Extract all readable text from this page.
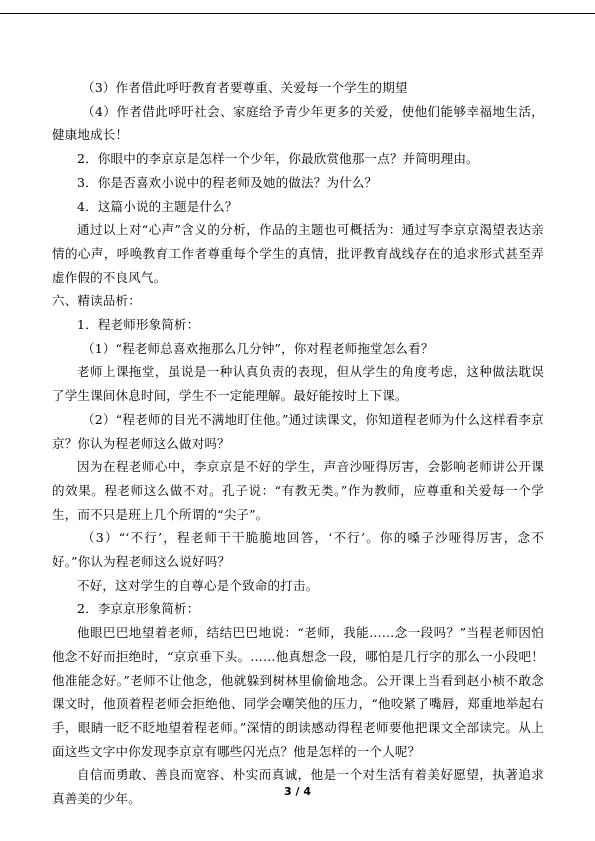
（3）作者借此呼吁教育者要尊重、关爱每一个学生的期望

（4）作者借此呼吁社会、家庭给予青少年更多的关爱，使他们能够幸福地生活，健康地成长！

2．你眼中的李京京是怎样一个少年，你最欣赏他那一点？并简明理由。

3．你是否喜欢小说中的程老师及她的做法？为什么？

4．这篇小说的主题是什么？

通过以上对“心声”含义的分析，作品的主题也可概括为：通过写李京京渴望表达亲情的心声，呼唤教育工作者尊重每个学生的真情，批评教育战线存在的追求形式甚至弄虚作假的不良风气。

六、精读品析：

1．程老师形象简析：

（1）“程老师总喜欢拖那么几分钟”，你对程老师拖堂怎么看？

老师上课拖堂，虽说是一种认真负责的表现，但从学生的角度考虑，这种做法耽误了学生课间休息时间，学生不一定能理解。最好能按时上下课。

（2）“程老师的目光不满地盯住他。”通过读课文，你知道程老师为什么这样看李京京？你认为程老师这么做对吗？

因为在程老师心中，李京京是不好的学生，声音沙哑得厉害，会影响老师讲公开课的效果。程老师这么做不对。孔子说：“有教无类。”作为教师，应尊重和关爱每一个学生，而不只是班上几个所谓的“尖子”。

（3）“‘不行’，程老师干干脆脆地回答，‘不行’。你的嗓子沙哑得厉害，念不好。”你认为程老师这么说好吗？

不好，这对学生的自尊心是个致命的打击。

2．李京京形象简析：

他眼巴巴地望着老师，结结巴巴地说：“老师，我能……念一段吗？”当程老师因怕他念不好而拒绝时，“京京垂下头。……他真想念一段，哪怕是几行字的那么一小段吧！他准能念好。”老师不让他念，他就躲到树林里偷偷地念。公开课上当看到赵小桢不敢念课文时，他顶着程老师会拒绝他、同学会嘲笑他的压力，“他咬紧了嘴唇，郑重地举起右手，眼睛一眨不眨地望着程老师。”深情的朗读感动得程老师要他把课文全部读完。从上面这些文字中你发现李京京有哪些闪光点？他是怎样的一个人呢？

自信而勇敢、善良而宽容、朴实而真诚，他是一个对生活有着美好愿望，执著追求真善美的少年。	3 / 4
